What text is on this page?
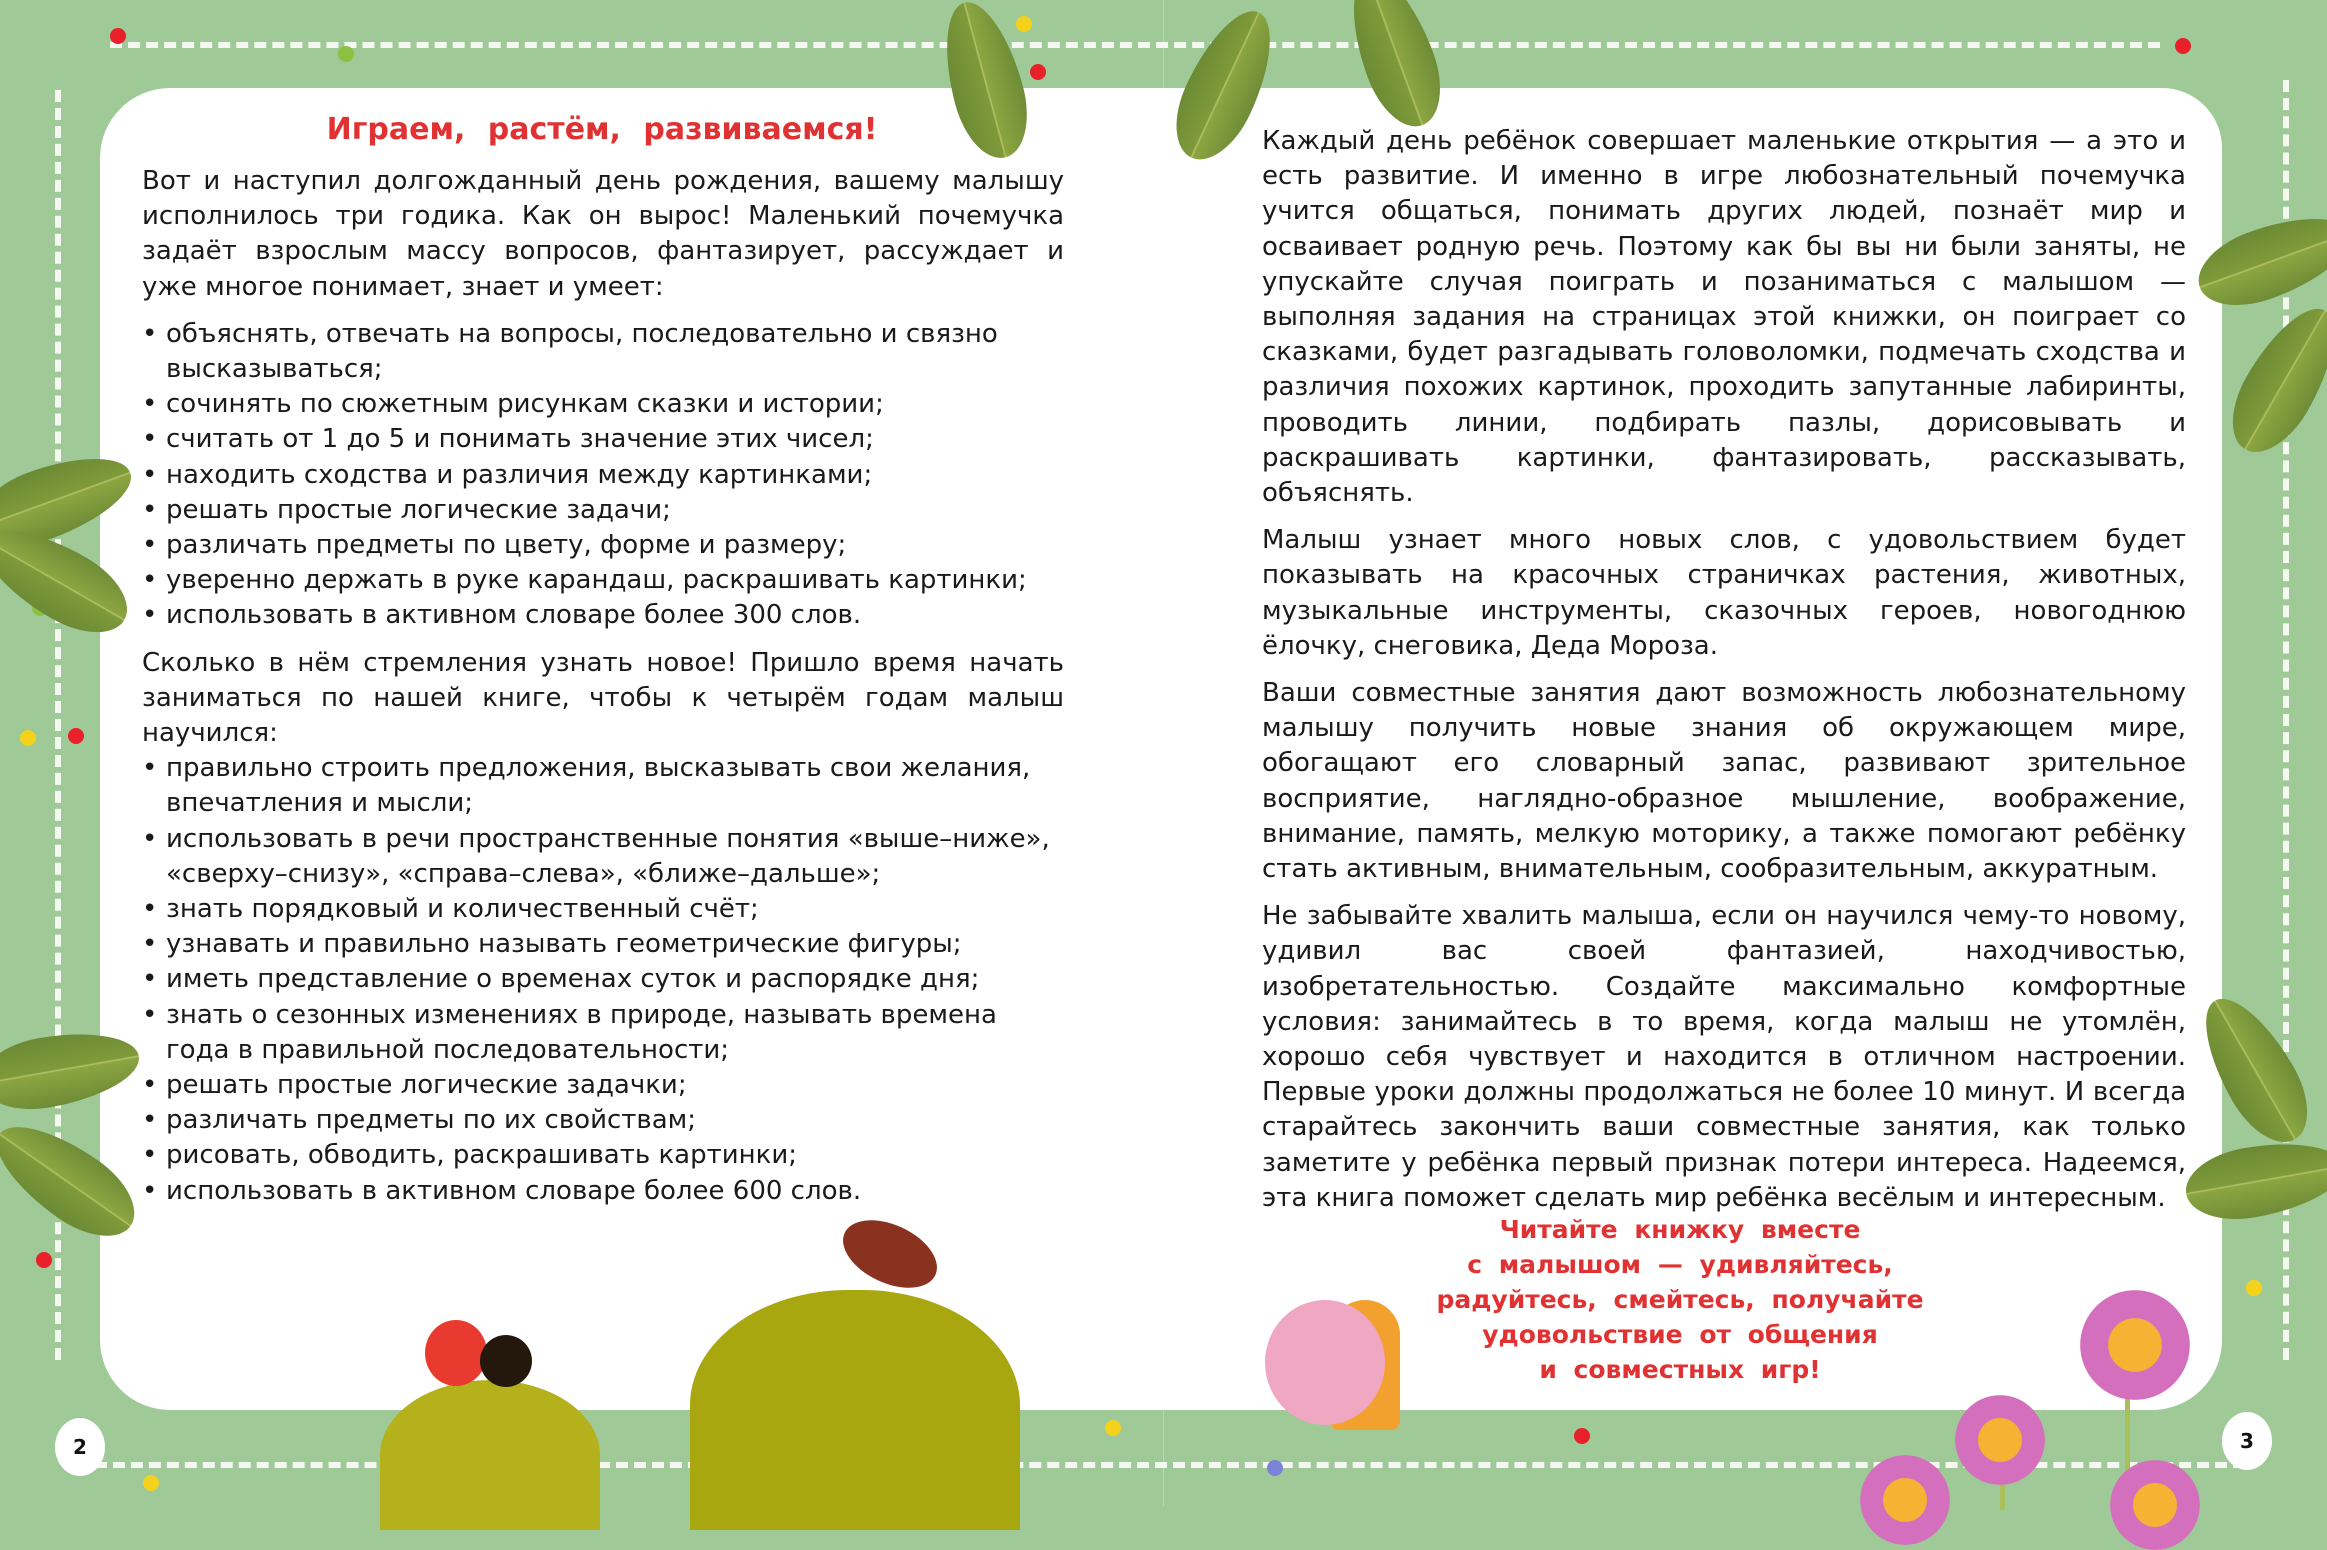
Играем, растём, развиваемся!

Вот и наступил долгожданный день рождения, вашему малышу исполнилось три годика. Как он вырос! Маленький почемучка задаёт взрослым массу вопросов, фантазирует, рассуждает и уже многое понимает, знает и умеет:

• объяснять, отвечать на вопросы, последовательно и связно высказываться;
• сочинять по сюжетным рисункам сказки и истории;
• считать от 1 до 5 и понимать значение этих чисел;
• находить сходства и различия между картинками;
• решать простые логические задачи;
• различать предметы по цвету, форме и размеру;
• уверенно держать в руке карандаш, раскрашивать картинки;
• использовать в активном словаре более 300 слов.

Сколько в нём стремления узнать новое! Пришло время начать заниматься по нашей книге, чтобы к четырём годам малыш научился:

• правильно строить предложения, высказывать свои желания, впечатления и мысли;
• использовать в речи пространственные понятия «выше–ниже», «сверху–снизу», «справа–слева», «ближе–дальше»;
• знать порядковый и количественный счёт;
• узнавать и правильно называть геометрические фигуры;
• иметь представление о временах суток и распорядке дня;
• знать о сезонных изменениях в природе, называть времена года в правильной последовательности;
• решать простые логические задачки;
• различать предметы по их свойствам;
• рисовать, обводить, раскрашивать картинки;
• использовать в активном словаре более 600 слов.

Каждый день ребёнок совершает маленькие открытия — а это и есть развитие. И именно в игре любознательный почемучка учится общаться, понимать других людей, познаёт мир и осваивает родную речь. Поэтому как бы вы ни были заняты, не упускайте случая поиграть и позаниматься с малышом — выполняя задания на страницах этой книжки, он поиграет со сказками, будет разгадывать головоломки, подмечать сходства и различия похожих картинок, проходить запутанные лабиринты, проводить линии, подбирать пазлы, дорисовывать и раскрашивать картинки, фантазировать, рассказывать, объяснять.

Малыш узнает много новых слов, с удовольствием будет показывать на красочных страничках растения, животных, музыкальные инструменты, сказочных героев, новогоднюю ёлочку, снеговика, Деда Мороза.

Ваши совместные занятия дают возможность любознательному малышу получить новые знания об окружающем мире, обогащают его словарный запас, развивают зрительное восприятие, наглядно-образное мышление, воображение, внимание, память, мелкую моторику, а также помогают ребёнку стать активным, внимательным, сообразительным, аккуратным.

Не забывайте хвалить малыша, если он научился чему-то новому, удивил вас своей фантазией, находчивостью, изобретательностью. Создайте максимально комфортные условия: занимайтесь в то время, когда малыш не утомлён, хорошо себя чувствует и находится в отличном настроении. Первые уроки должны продолжаться не более 10 минут. И всегда старайтесь закончить ваши совместные занятия, как только заметите у ребёнка первый признак потери интереса. Надеемся, эта книга поможет сделать мир ребёнка весёлым и интересным.

Читайте книжку вместе
с малышом — удивляйтесь,
радуйтесь, смейтесь, получайте
удовольствие от общения
и совместных игр!
2	3
